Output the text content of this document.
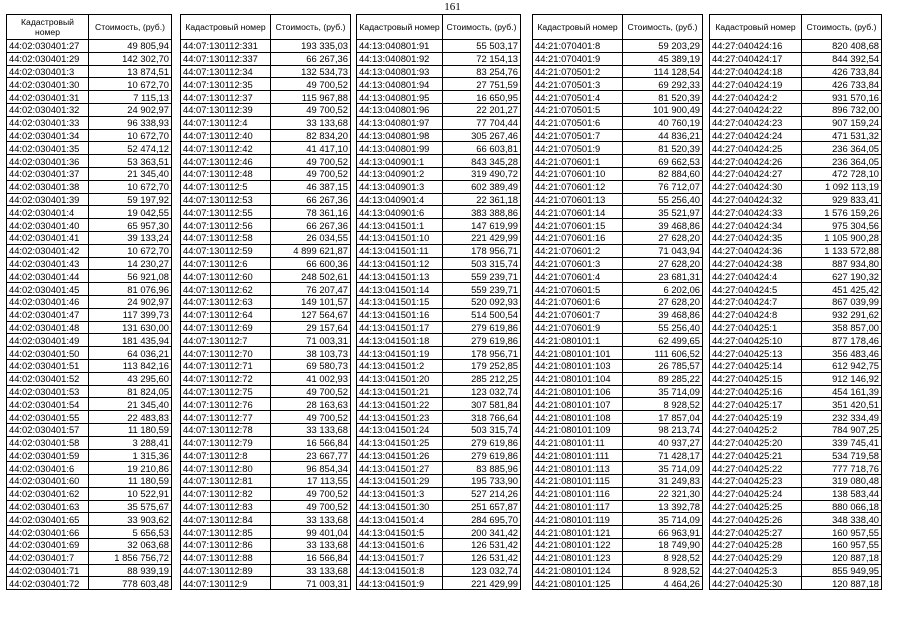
161
Кадастровый номер	Стоимость, (руб.)
44:02:030401:27	49 805,94
44:02:030401:29	142 302,70
44:02:030401:3	13 874,51
44:02:030401:30	10 672,70
44:02:030401:31	7 115,13
44:02:030401:32	24 902,97
44:02:030401:33	96 338,93
44:02:030401:34	10 672,70
44:02:030401:35	52 474,12
44:02:030401:36	53 363,51
44:02:030401:37	21 345,40
44:02:030401:38	10 672,70
44:02:030401:39	59 197,92
44:02:030401:4	19 042,55
44:02:030401:40	65 957,30
44:02:030401:41	39 133,24
44:02:030401:42	10 672,70
44:02:030401:43	14 230,27
44:02:030401:44	56 921,08
44:02:030401:45	81 076,96
44:02:030401:46	24 902,97
44:02:030401:47	117 399,73
44:02:030401:48	131 630,00
44:02:030401:49	181 435,94
44:02:030401:50	64 036,21
44:02:030401:51	113 842,16
44:02:030401:52	43 295,60
44:02:030401:53	81 824,05
44:02:030401:54	21 345,40
44:02:030401:55	22 483,83
44:02:030401:57	11 180,59
44:02:030401:58	3 288,41
44:02:030401:59	1 315,36
44:02:030401:6	19 210,86
44:02:030401:60	11 180,59
44:02:030401:62	10 522,91
44:02:030401:63	35 575,67
44:02:030401:65	33 903,62
44:02:030401:66	5 656,53
44:02:030401:69	32 063,68
44:02:030401:7	1 856 756,72
44:02:030401:71	88 939,19
44:02:030401:72	778 603,48
Кадастровый номер	Стоимость, (руб.)
44:07:130112:331	193 335,03
44:07:130112:337	66 267,36
44:07:130112:34	132 534,73
44:07:130112:35	49 700,52
44:07:130112:37	115 967,88
44:07:130112:39	49 700,52
44:07:130112:4	33 133,68
44:07:130112:40	82 834,20
44:07:130112:42	41 417,10
44:07:130112:46	49 700,52
44:07:130112:48	49 700,52
44:07:130112:5	46 387,15
44:07:130112:53	66 267,36
44:07:130112:55	78 361,16
44:07:130112:56	66 267,36
44:07:130112:58	26 034,55
44:07:130112:59	4 899 621,87
44:07:130112:6	66 600,36
44:07:130112:60	248 502,61
44:07:130112:62	76 207,47
44:07:130112:63	149 101,57
44:07:130112:64	127 564,67
44:07:130112:69	29 157,64
44:07:130112:7	71 003,31
44:07:130112:70	38 103,73
44:07:130112:71	69 580,73
44:07:130112:72	41 002,93
44:07:130112:75	49 700,52
44:07:130112:76	28 163,63
44:07:130112:77	49 700,52
44:07:130112:78	33 133,68
44:07:130112:79	16 566,84
44:07:130112:8	23 667,77
44:07:130112:80	96 854,34
44:07:130112:81	17 113,55
44:07:130112:82	49 700,52
44:07:130112:83	49 700,52
44:07:130112:84	33 133,68
44:07:130112:85	99 401,04
44:07:130112:86	33 133,68
44:07:130112:88	16 566,84
44:07:130112:89	33 133,68
44:07:130112:9	71 003,31
Кадастровый номер	Стоимость, (руб.)
44:13:040801:91	55 503,17
44:13:040801:92	72 154,13
44:13:040801:93	83 254,76
44:13:040801:94	27 751,59
44:13:040801:95	16 650,95
44:13:040801:96	22 201,27
44:13:040801:97	77 704,44
44:13:040801:98	305 267,46
44:13:040801:99	66 603,81
44:13:040901:1	843 345,28
44:13:040901:2	319 490,72
44:13:040901:3	602 389,49
44:13:040901:4	22 361,18
44:13:040901:6	383 388,86
44:13:041501:1	147 619,99
44:13:041501:10	221 429,99
44:13:041501:11	178 956,71
44:13:041501:12	503 315,74
44:13:041501:13	559 239,71
44:13:041501:14	559 239,71
44:13:041501:15	520 092,93
44:13:041501:16	514 500,54
44:13:041501:17	279 619,86
44:13:041501:18	279 619,86
44:13:041501:19	178 956,71
44:13:041501:2	179 252,85
44:13:041501:20	285 212,25
44:13:041501:21	123 032,74
44:13:041501:22	307 581,84
44:13:041501:23	318 766,64
44:13:041501:24	503 315,74
44:13:041501:25	279 619,86
44:13:041501:26	279 619,86
44:13:041501:27	83 885,96
44:13:041501:29	195 733,90
44:13:041501:3	527 214,26
44:13:041501:30	251 657,87
44:13:041501:4	284 695,70
44:13:041501:5	200 341,42
44:13:041501:6	126 531,42
44:13:041501:7	126 531,42
44:13:041501:8	123 032,74
44:13:041501:9	221 429,99
Кадастровый номер	Стоимость, (руб.)
44:21:070401:8	59 203,29
44:21:070401:9	45 389,19
44:21:070501:2	114 128,54
44:21:070501:3	69 292,33
44:21:070501:4	81 520,39
44:21:070501:5	101 900,49
44:21:070501:6	40 760,19
44:21:070501:7	44 836,21
44:21:070501:9	81 520,39
44:21:070601:1	69 662,53
44:21:070601:10	82 884,60
44:21:070601:12	76 712,07
44:21:070601:13	55 256,40
44:21:070601:14	35 521,97
44:21:070601:15	39 468,86
44:21:070601:16	27 628,20
44:21:070601:2	71 043,94
44:21:070601:3	27 628,20
44:21:070601:4	23 681,31
44:21:070601:5	6 202,06
44:21:070601:6	27 628,20
44:21:070601:7	39 468,86
44:21:070601:9	55 256,40
44:21:080101:1	62 499,65
44:21:080101:101	111 606,52
44:21:080101:103	26 785,57
44:21:080101:104	89 285,22
44:21:080101:106	35 714,09
44:21:080101:107	8 928,52
44:21:080101:108	17 857,04
44:21:080101:109	98 213,74
44:21:080101:11	40 937,27
44:21:080101:111	71 428,17
44:21:080101:113	35 714,09
44:21:080101:115	31 249,83
44:21:080101:116	22 321,30
44:21:080101:117	13 392,78
44:21:080101:119	35 714,09
44:21:080101:121	66 963,91
44:21:080101:122	18 749,90
44:21:080101:123	8 928,52
44:21:080101:124	8 928,52
44:21:080101:125	4 464,26
Кадастровый номер	Стоимость, (руб.)
44:27:040424:16	820 408,68
44:27:040424:17	844 392,54
44:27:040424:18	426 733,84
44:27:040424:19	426 733,84
44:27:040424:2	931 570,16
44:27:040424:22	896 732,00
44:27:040424:23	907 159,24
44:27:040424:24	471 531,32
44:27:040424:25	236 364,05
44:27:040424:26	236 364,05
44:27:040424:27	472 728,10
44:27:040424:30	1 092 113,19
44:27:040424:32	929 833,41
44:27:040424:33	1 576 159,26
44:27:040424:34	975 304,56
44:27:040424:35	1 105 900,28
44:27:040424:36	1 133 572,88
44:27:040424:38	887 934,80
44:27:040424:4	627 190,32
44:27:040424:5	451 425,42
44:27:040424:7	867 039,99
44:27:040424:8	932 291,62
44:27:040425:1	358 857,00
44:27:040425:10	877 178,46
44:27:040425:13	356 483,46
44:27:040425:14	612 942,75
44:27:040425:15	912 146,92
44:27:040425:16	454 161,39
44:27:040425:17	351 420,51
44:27:040425:19	232 334,49
44:27:040425:2	784 907,25
44:27:040425:20	339 745,41
44:27:040425:21	534 719,58
44:27:040425:22	777 718,76
44:27:040425:23	319 080,48
44:27:040425:24	138 583,44
44:27:040425:25	880 066,18
44:27:040425:26	348 338,40
44:27:040425:27	160 957,55
44:27:040425:28	160 957,55
44:27:040425:29	120 887,18
44:27:040425:3	855 949,95
44:27:040425:30	120 887,18
